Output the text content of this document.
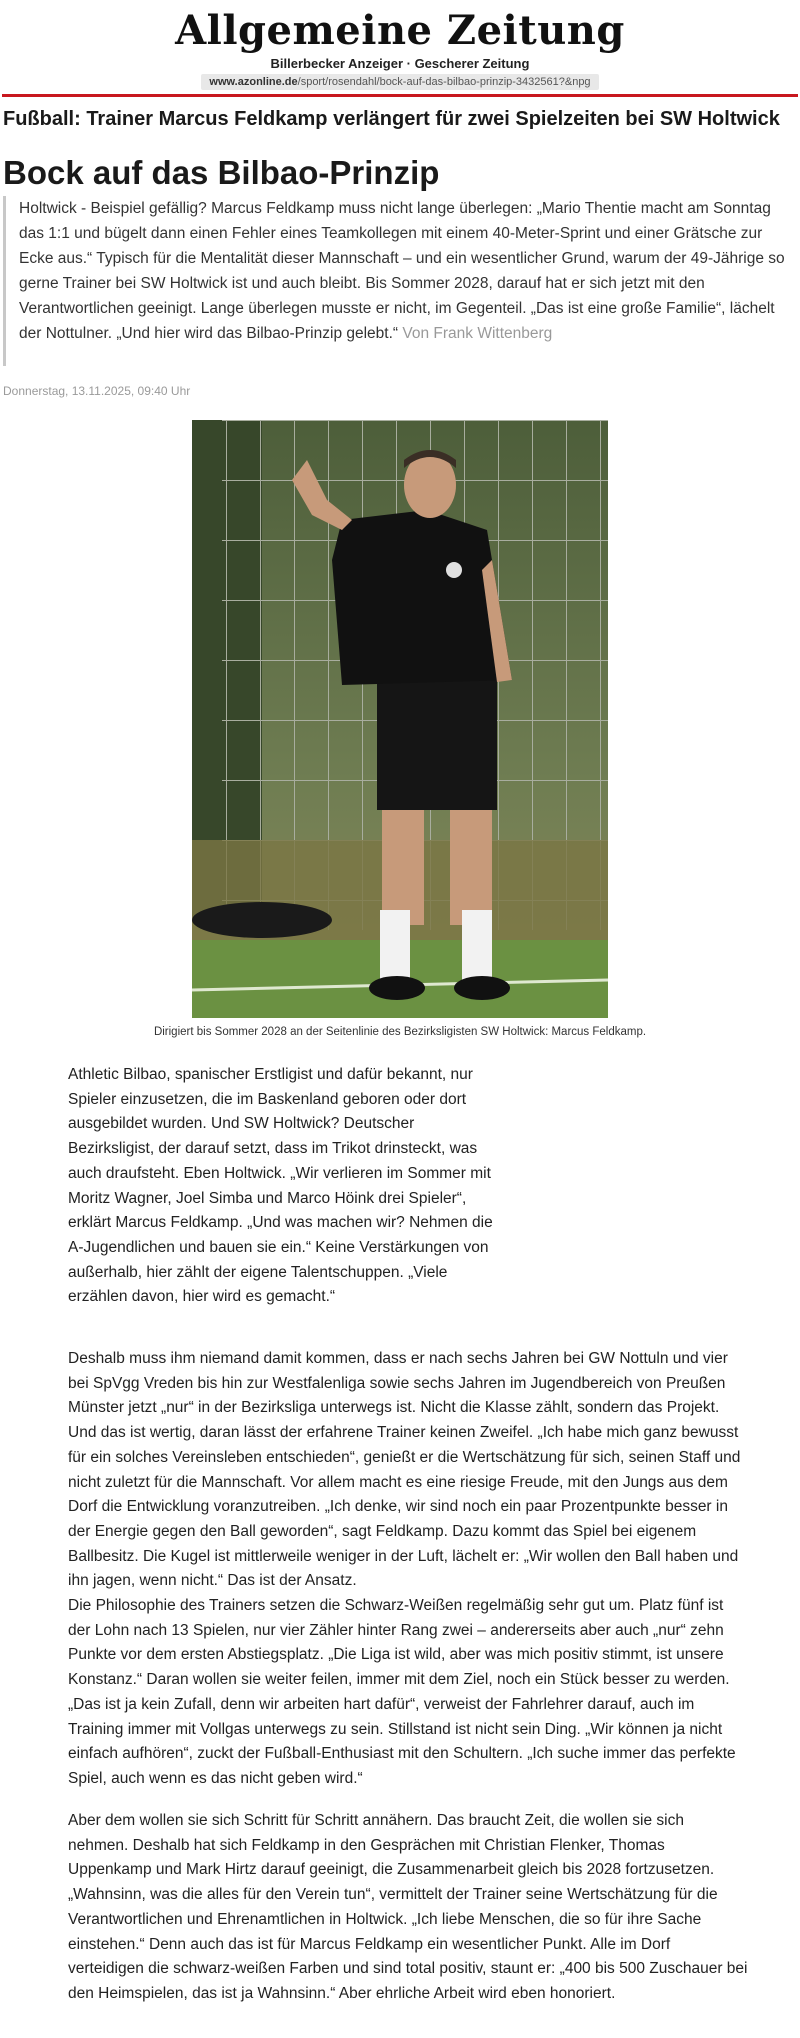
Allgemeine Zeitung
Billerbecker Anzeiger · Gescherer Zeitung
www.azonline.de/sport/rosendahl/bock-auf-das-bilbao-prinzip-3432561?&npg
Fußball: Trainer Marcus Feldkamp verlängert für zwei Spielzeiten bei SW Holtwick
Bock auf das Bilbao-Prinzip
Holtwick - Beispiel gefällig? Marcus Feldkamp muss nicht lange überlegen: „Mario Thentie macht am Sonntag das 1:1 und bügelt dann einen Fehler eines Teamkollegen mit einem 40-Meter-Sprint und einer Grätsche zur Ecke aus.“ Typisch für die Mentalität dieser Mannschaft – und ein wesentlicher Grund, warum der 49-Jährige so gerne Trainer bei SW Holtwick ist und auch bleibt. Bis Sommer 2028, darauf hat er sich jetzt mit den Verantwortlichen geeinigt. Lange überlegen musste er nicht, im Gegenteil. „Das ist eine große Familie“, lächelt der Nottulner. „Und hier wird das Bilbao-Prinzip gelebt.“ Von Frank Wittenberg
Donnerstag, 13.11.2025, 09:40 Uhr
Dirigiert bis Sommer 2028 an der Seitenlinie des Bezirksligisten SW Holtwick: Marcus Feldkamp.

Athletic Bilbao, spanischer Erstligist und dafür bekannt, nur Spieler einzusetzen, die im Baskenland geboren oder dort ausgebildet wurden. Und SW Holtwick? Deutscher Bezirksligist, der darauf setzt, dass im Trikot drinsteckt, was auch draufsteht. Eben Holtwick. „Wir verlieren im Sommer mit Moritz Wagner, Joel Simba und Marco Höink drei Spieler“, erklärt Marcus Feldkamp. „Und was machen wir? Nehmen die A-Jugendlichen und bauen sie ein.“ Keine Verstärkungen von außerhalb, hier zählt der eigene Talentschuppen. „Viele erzählen davon, hier wird es gemacht.“

Deshalb muss ihm niemand damit kommen, dass er nach sechs Jahren bei GW Nottuln und vier bei SpVgg Vreden bis hin zur Westfalenliga sowie sechs Jahren im Jugendbereich von Preußen Münster jetzt „nur“ in der Bezirksliga unterwegs ist. Nicht die Klasse zählt, sondern das Projekt. Und das ist wertig, daran lässt der erfahrene Trainer keinen Zweifel. „Ich habe mich ganz bewusst für ein solches Vereinsleben entschieden“, genießt er die Wertschätzung für sich, seinen Staff und nicht zuletzt für die Mannschaft. Vor allem macht es eine riesige Freude, mit den Jungs aus dem Dorf die Entwicklung voranzutreiben. „Ich denke, wir sind noch ein paar Prozentpunkte besser in der Energie gegen den Ball geworden“, sagt Feldkamp. Dazu kommt das Spiel bei eigenem Ballbesitz. Die Kugel ist mittlerweile weniger in der Luft, lächelt er: „Wir wollen den Ball haben und ihn jagen, wenn nicht.“ Das ist der Ansatz.
Die Philosophie des Trainers setzen die Schwarz-Weißen regelmäßig sehr gut um. Platz fünf ist der Lohn nach 13 Spielen, nur vier Zähler hinter Rang zwei – andererseits aber auch „nur“ zehn Punkte vor dem ersten Abstiegsplatz. „Die Liga ist wild, aber was mich positiv stimmt, ist unsere Konstanz.“ Daran wollen sie weiter feilen, immer mit dem Ziel, noch ein Stück besser zu werden. „Das ist ja kein Zufall, denn wir arbeiten hart dafür“, verweist der Fahrlehrer darauf, auch im Training immer mit Vollgas unterwegs zu sein. Stillstand ist nicht sein Ding. „Wir können ja nicht einfach aufhören“, zuckt der Fußball-Enthusiast mit den Schultern. „Ich suche immer das perfekte Spiel, auch wenn es das nicht geben wird.“

Aber dem wollen sie sich Schritt für Schritt annähern. Das braucht Zeit, die wollen sie sich nehmen. Deshalb hat sich Feldkamp in den Gesprächen mit Christian Flenker, Thomas Uppenkamp und Mark Hirtz darauf geeinigt, die Zusammenarbeit gleich bis 2028 fortzusetzen. „Wahnsinn, was die alles für den Verein tun“, vermittelt der Trainer seine Wertschätzung für die Verantwortlichen und Ehrenamtlichen in Holtwick. „Ich liebe Menschen, die so für ihre Sache einstehen.“ Denn auch das ist für Marcus Feldkamp ein wesentlicher Punkt. Alle im Dorf verteidigen die schwarz-weißen Farben und sind total positiv, staunt er: „400 bis 500 Zuschauer bei den Heimspielen, das ist ja Wahnsinn.“ Aber ehrliche Arbeit wird eben honoriert.
